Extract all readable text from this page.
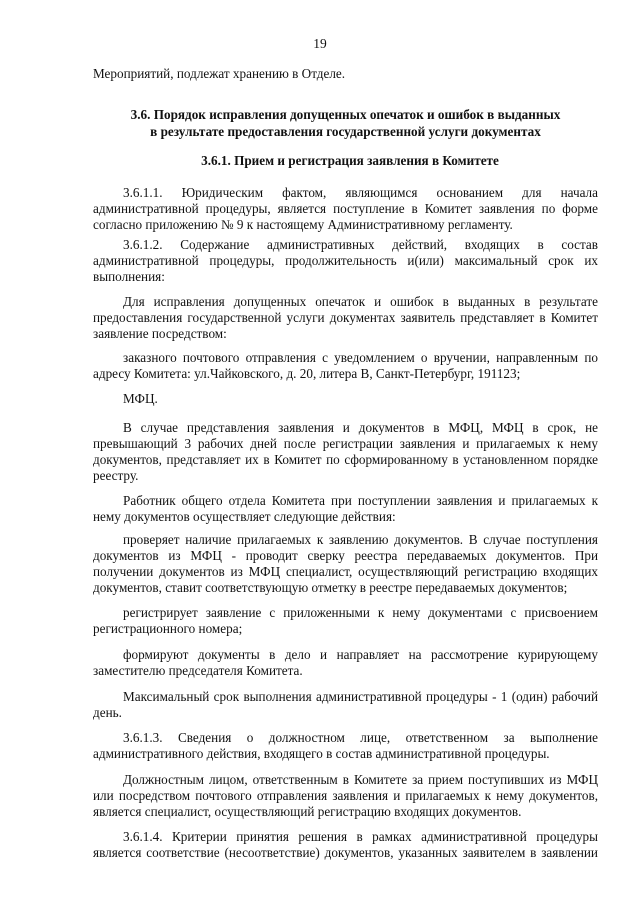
19

Мероприятий, подлежат хранению в Отделе.

3.6. Порядок исправления допущенных опечаток и ошибок в выданных

в результате предоставления государственной услуги документах

3.6.1. Прием и регистрация заявления в Комитете

3.6.1.1. Юридическим фактом, являющимся основанием для начала административной процедуры, является поступление в Комитет заявления по форме согласно приложению № 9 к настоящему Административному регламенту.

3.6.1.2. Содержание административных действий, входящих в состав административной процедуры, продолжительность и(или) максимальный срок их выполнения:

Для исправления допущенных опечаток и ошибок в выданных в результате предоставления государственной услуги документах заявитель представляет в Комитет заявление посредством:

заказного почтового отправления с уведомлением о вручении, направленным по адресу Комитета: ул.Чайковского, д. 20, литера В, Санкт-Петербург, 191123;

МФЦ.

В случае представления заявления и документов в МФЦ, МФЦ в срок, не превышающий 3 рабочих дней после регистрации заявления и прилагаемых к нему документов, представляет их в Комитет по сформированному в установленном порядке реестру.

Работник общего отдела Комитета при поступлении заявления и прилагаемых к нему документов осуществляет следующие действия:

проверяет наличие прилагаемых к заявлению документов. В случае поступления документов из МФЦ - проводит сверку реестра передаваемых документов. При получении документов из МФЦ специалист, осуществляющий регистрацию входящих документов, ставит соответствующую отметку в реестре передаваемых документов;

регистрирует заявление с приложенными к нему документами с присвоением регистрационного номера;

формируют документы в дело и направляет на рассмотрение курирующему заместителю председателя Комитета.

Максимальный срок выполнения административной процедуры - 1 (один) рабочий день.

3.6.1.3. Сведения о должностном лице, ответственном за выполнение административного действия, входящего в состав административной процедуры.

Должностным лицом, ответственным в Комитете за прием поступивших из МФЦ или посредством почтового отправления заявления и прилагаемых к нему документов, является специалист, осуществляющий регистрацию входящих документов.

3.6.1.4. Критерии принятия решения в рамках административной процедуры является соответствие (несоответствие) документов, указанных заявителем в заявлении
